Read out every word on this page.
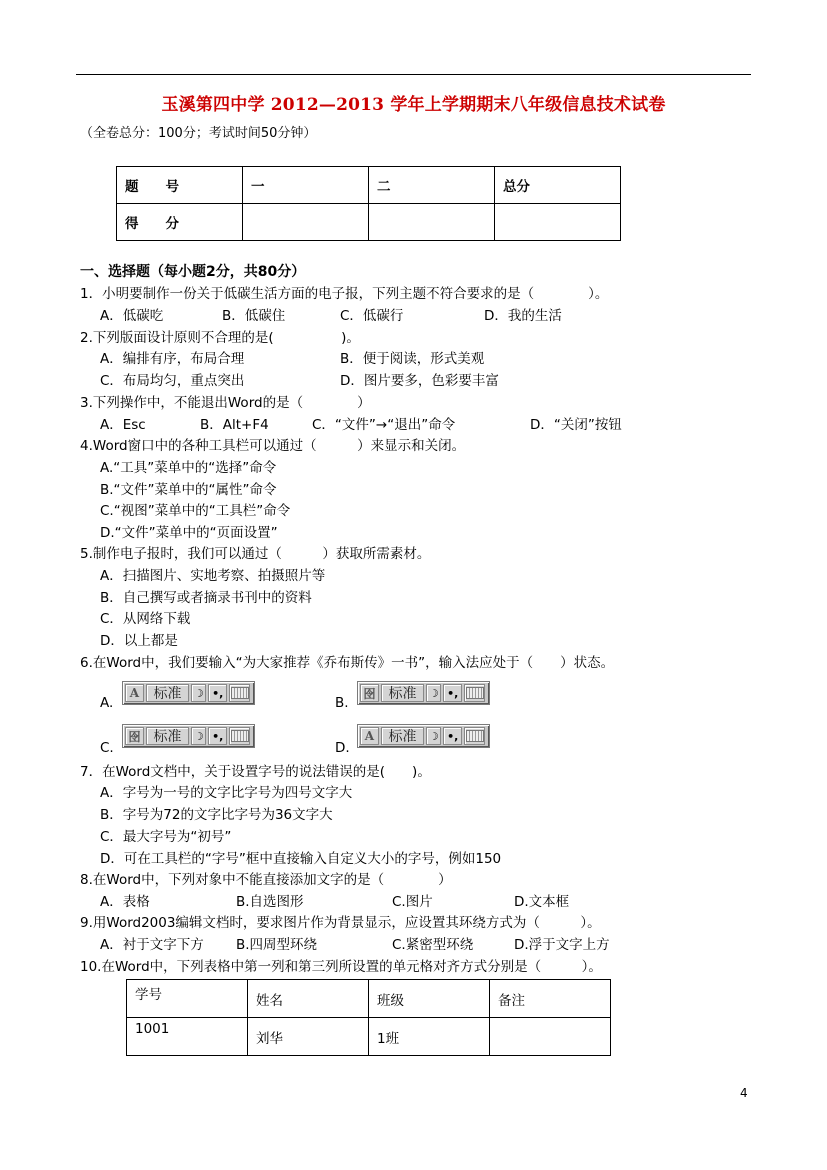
玉溪第四中学 2012—2013 学年上学期期末八年级信息技术试卷
（全卷总分：100分；考试时间50分钟）
题　　号	一	二	总分
得　　分			
一、选择题（每小题2分，共80分）
1．小明要制作一份关于低碳生活方面的电子报，下列主题不符合要求的是（　　　　）。
A．低碳吃	B．低碳住	C．低碳行	D．我的生活
2.下列版面设计原则不合理的是(　　　　　)。
A．编排有序，布局合理	B．便于阅读，形式美观
C．布局均匀，重点突出	D．图片要多，色彩要丰富
3.下列操作中，不能退出Word的是（　　　　）
A．Esc	B．Alt+F4	C．“文件”→“退出”命令	D．“关闭”按钮
4.Word窗口中的各种工具栏可以通过（　　　）来显示和关闭。
A.“工具”菜单中的“选择”命令
B.“文件”菜单中的“属性”命令
C.“视图”菜单中的“工具栏”命令
D.“文件”菜单中的“页面设置”
5.制作电子报时，我们可以通过（　　　）获取所需素材。
A．扫描图片、实地考察、拍摄照片等
B．自己撰写或者摘录书刊中的资料
C．从网络下载
D．以上都是
6.在Word中，我们要输入“为大家推荐《乔布斯传》一书”，输入法应处于（　　）状态。
A.
A	标准	☽ •,
B.
囹 标准	☽ •,
C.
囹 标准	☽ •,
D.
A	标准	☽ •,
7．在Word文档中，关于设置字号的说法错误的是(　　)。
A．字号为一号的文字比字号为四号文字大
B．字号为72的文字比字号为36文字大
C．最大字号为“初号”
D．可在工具栏的“字号”框中直接输入自定义大小的字号，例如150
8.在Word中，下列对象中不能直接添加文字的是（　　　　）
A．表格	B.自选图形	C.图片	D.文本框
9.用Word2003编辑文档时，要求图片作为背景显示，应设置其环绕方式为（　　　）。
A．衬于文字下方 B.四周型环绕	C.紧密型环绕	D.浮于文字上方
10.在Word中，下列表格中第一列和第三列所设置的单元格对齐方式分别是（　　　）。
学号	姓名	班级	备注
1001	刘华	1班	
4
